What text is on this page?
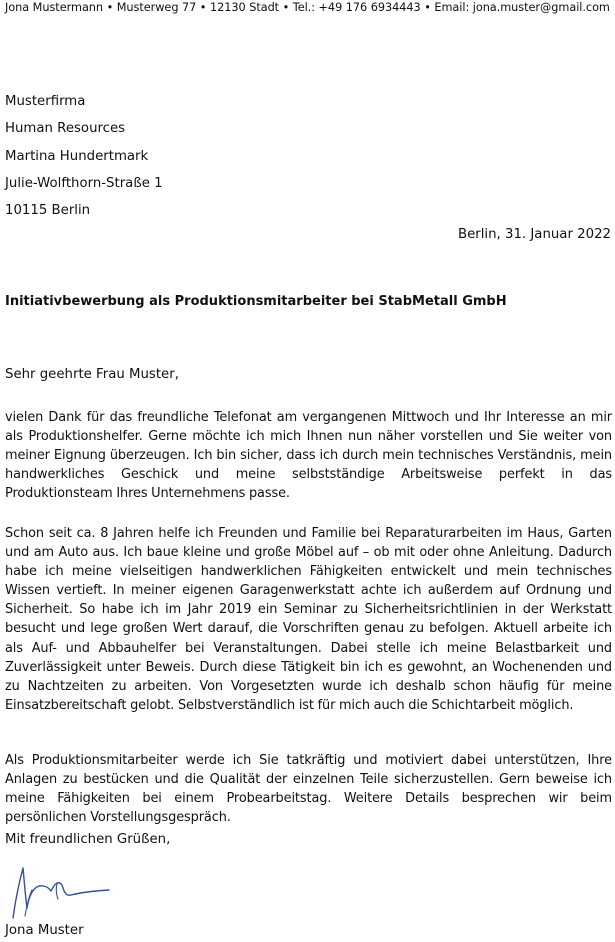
Jona Mustermann • Musterweg 77 • 12130 Stadt • Tel.: +49 176 6934443 • Email: jona.muster@gmail.com
Musterfirma
Human Resources
Martina Hundertmark
Julie-Wolfthorn-Straße 1
10115 Berlin
Berlin, 31. Januar 2022
Initiativbewerbung als Produktionsmitarbeiter bei StabMetall GmbH
Sehr geehrte Frau Muster,
vielen Dank für das freundliche Telefonat am vergangenen Mittwoch und Ihr Interesse an mir als Produktionshelfer. Gerne möchte ich mich Ihnen nun näher vorstellen und Sie weiter von meiner Eignung überzeugen. Ich bin sicher, dass ich durch mein technisches Verständnis, mein handwerkliches Geschick und meine selbstständige Arbeitsweise perfekt in das Produktionsteam Ihres Unternehmens passe.
Schon seit ca. 8 Jahren helfe ich Freunden und Familie bei Reparaturarbeiten im Haus, Garten und am Auto aus. Ich baue kleine und große Möbel auf – ob mit oder ohne Anleitung. Dadurch habe ich meine vielseitigen handwerklichen Fähigkeiten entwickelt und mein technisches Wissen vertieft. In meiner eigenen Garagenwerkstatt achte ich außerdem auf Ordnung und Sicherheit. So habe ich im Jahr 2019 ein Seminar zu Sicherheitsrichtlinien in der Werkstatt besucht und lege großen Wert darauf, die Vorschriften genau zu befolgen. Aktuell arbeite ich als Auf- und Abbauhelfer bei Veranstaltungen. Dabei stelle ich meine Belastbarkeit und Zuverlässigkeit unter Beweis. Durch diese Tätigkeit bin ich es gewohnt, an Wochenenden und zu Nachtzeiten zu arbeiten. Von Vorgesetzten wurde ich deshalb schon häufig für meine Einsatzbereitschaft gelobt. Selbstverständlich ist für mich auch die Schichtarbeit möglich.
Als Produktionsmitarbeiter werde ich Sie tatkräftig und motiviert dabei unterstützen, Ihre Anlagen zu bestücken und die Qualität der einzelnen Teile sicherzustellen. Gern beweise ich meine Fähigkeiten bei einem Probearbeitstag. Weitere Details besprechen wir beim persönlichen Vorstellungsgespräch.
Mit freundlichen Grüßen,
Jona Muster
